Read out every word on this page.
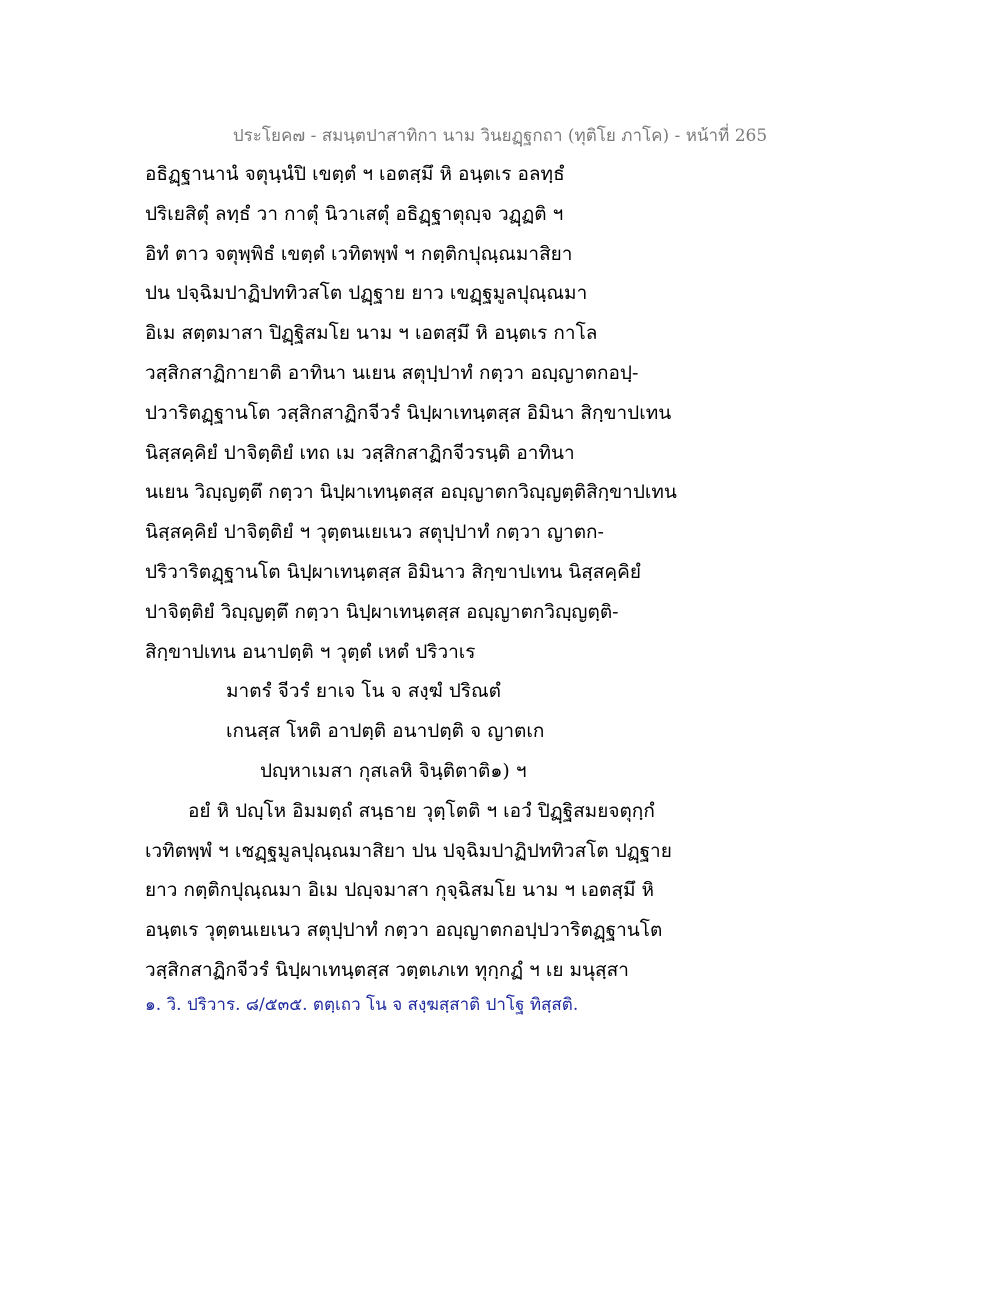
ประโยค๗ - สมนฺตปาสาทิกา นาม วินยฏฺฐกถา (ทุติโย ภาโค) - หน้าที่ 265
อธิฏฺฐานานํ จตุนฺนํปิ เขตฺตํ ฯ เอตสฺมึ หิ อนฺตเร อลทฺธํ
ปริเยสิตุํ ลทฺธํ วา กาตุํ นิวาเสตุํ อธิฏฺฐาตุญฺจ วฏฺฏติ ฯ
อิทํ ตาว จตุพฺพิธํ เขตฺตํ เวทิตพฺพํ ฯ กตฺติกปุณฺณมาสิยา
ปน ปจฺฉิมปาฏิปททิวสโต ปฏฺฐาย ยาว เขฏฺฐมูลปุณฺณมา
อิเม สตฺตมาสา ปิฏฺฐิสมโย นาม ฯ เอตสฺมึ หิ อนฺตเร กาโล
วสฺสิกสาฏิกายาติ อาทินา นเยน สตุปฺปาทํ กตฺวา อญฺญาตกอปฺ-
ปวาริตฏฺฐานโต วสฺสิกสาฏิกจีวรํ นิปฺผาเทนฺตสฺส อิมินา สิกฺขาปเทน
นิสฺสคฺคิยํ ปาจิตฺติยํ เทถ เม วสฺสิกสาฏิกจีวรนฺติ อาทินา
นเยน วิญฺญตฺตึ กตฺวา นิปฺผาเทนฺตสฺส อญฺญาตกวิญฺญตฺติสิกฺขาปเทน
นิสฺสคฺคิยํ ปาจิตฺติยํ ฯ วุตฺตนเยเนว สตุปฺปาทํ กตฺวา ญาตก-
ปริวาริตฏฺฐานโต นิปฺผาเทนฺตสฺส อิมินาว สิกฺขาปเทน นิสฺสคฺคิยํ
ปาจิตฺติยํ วิญฺญตฺตึ กตฺวา นิปฺผาเทนฺตสฺส อญฺญาตกวิญฺญตฺติ-
สิกฺขาปเทน อนาปตฺติ ฯ วุตฺตํ เหตํ ปริวาเร
มาตรํ จีวรํ ยาเจ โน จ สงฺฆํ ปริณตํ
เกนสฺส โหติ อาปตฺติ อนาปตฺติ จ ญาตเก
ปญฺหาเมสา กุสเลหิ จินฺติตาติ๑) ฯ
อยํ หิ ปญฺโห อิมมตฺถํ สนฺธาย วุตฺโตติ ฯ เอวํ ปิฏฺฐิสมยจตุกฺกํ
เวทิตพฺพํ ฯ เชฏฺฐมูลปุณฺณมาสิยา ปน ปจฺฉิมปาฏิปททิวสโต ปฏฺฐาย
ยาว กตฺติกปุณฺณมา อิเม ปญฺจมาสา กุจฺฉิสมโย นาม ฯ เอตสฺมึ หิ
อนฺตเร วุตฺตนเยเนว สตุปฺปาทํ กตฺวา อญฺญาตกอปฺปวาริตฏฺฐานโต
วสฺสิกสาฏิกจีวรํ นิปฺผาเทนฺตสฺส วตฺตเภเท ทุกฺกฏํ ฯ เย มนุสฺสา
๑. วิ. ปริวาร. ๘/๕๓๕. ตตฺเถว โน จ สงฺฆสฺสาติ ปาโฐ ทิสฺสติ.
